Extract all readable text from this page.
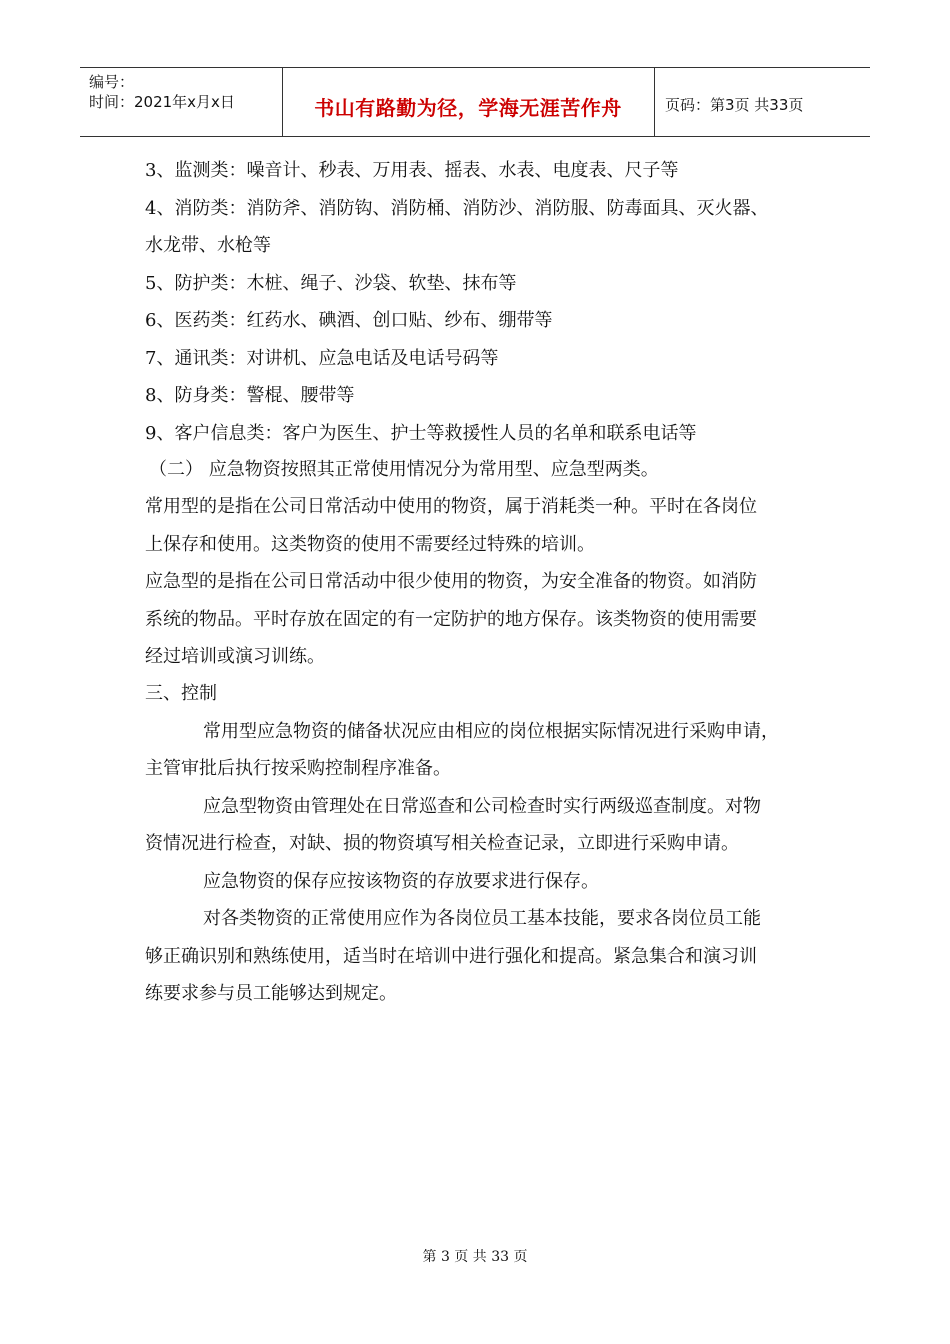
编号：
时间：2021年x月x日	书山有路勤为径，学海无涯苦作舟	页码：第3页 共33页
3、监测类：噪音计、秒表、万用表、摇表、水表、电度表、尺子等
4、消防类：消防斧、消防钩、消防桶、消防沙、消防服、防毒面具、灭火器、
水龙带、水枪等
5、防护类：木桩、绳子、沙袋、软垫、抹布等
6、医药类：红药水、碘酒、创口贴、纱布、绷带等
7、通讯类：对讲机、应急电话及电话号码等
8、防身类：警棍、腰带等
9、客户信息类：客户为医生、护士等救援性人员的名单和联系电话等
（二） 应急物资按照其正常使用情况分为常用型、应急型两类。
常用型的是指在公司日常活动中使用的物资，属于消耗类一种。平时在各岗位
上保存和使用。这类物资的使用不需要经过特殊的培训。
应急型的是指在公司日常活动中很少使用的物资，为安全准备的物资。如消防
系统的物品。平时存放在固定的有一定防护的地方保存。该类物资的使用需要
经过培训或演习训练。
三、控制
常用型应急物资的储备状况应由相应的岗位根据实际情况进行采购申请，
主管审批后执行按采购控制程序准备。
应急型物资由管理处在日常巡查和公司检查时实行两级巡查制度。对物
资情况进行检查，对缺、损的物资填写相关检查记录，立即进行采购申请。
应急物资的保存应按该物资的存放要求进行保存。
对各类物资的正常使用应作为各岗位员工基本技能，要求各岗位员工能
够正确识别和熟练使用，适当时在培训中进行强化和提高。紧急集合和演习训
练要求参与员工能够达到规定。
第 3 页 共 33 页
